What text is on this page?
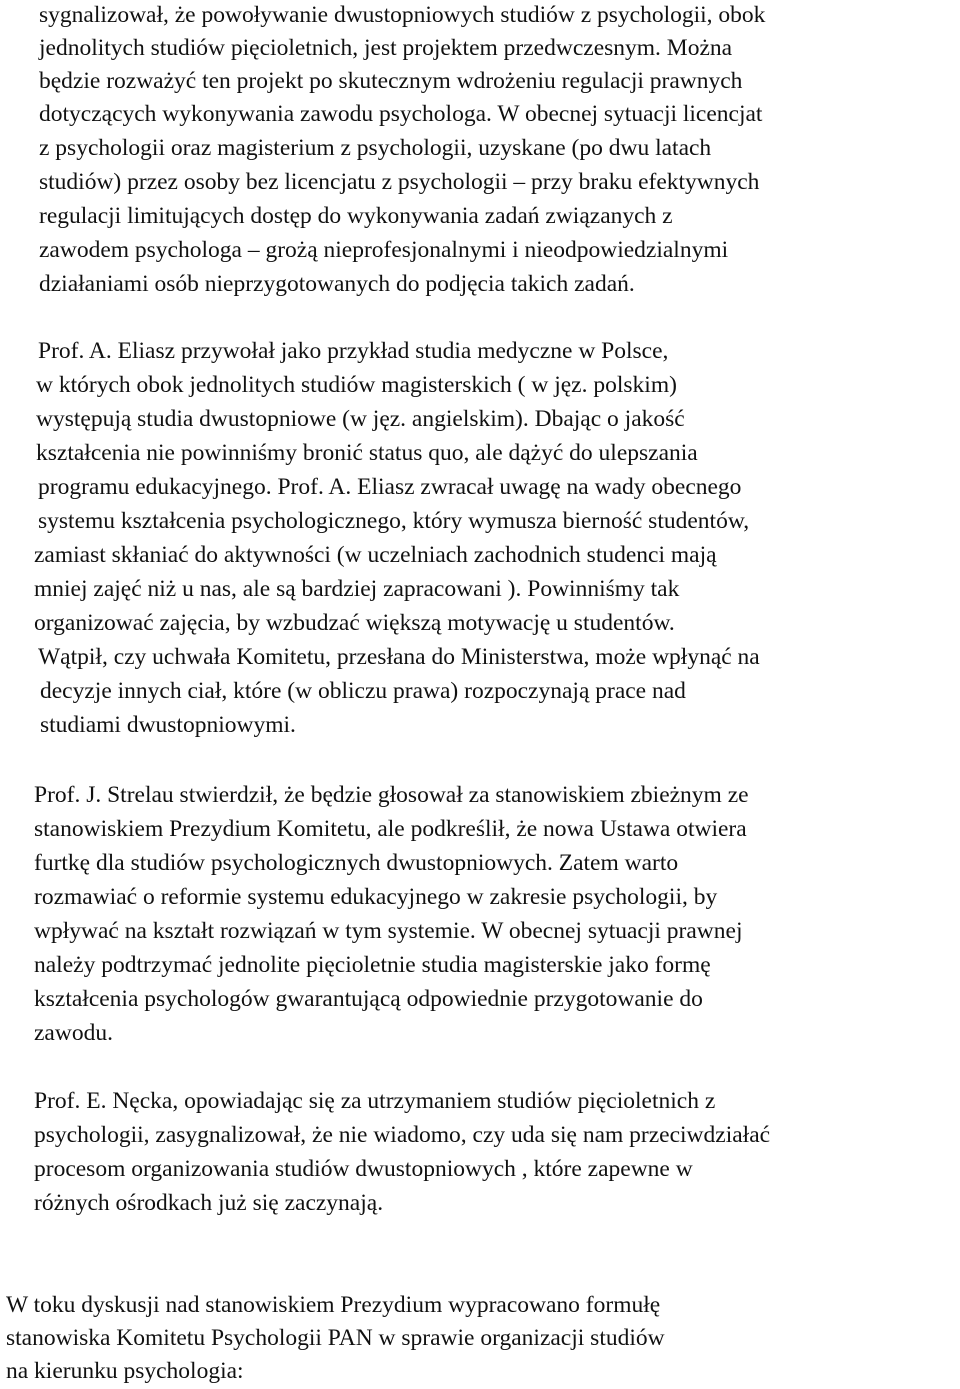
sygnalizował, że powoływanie dwustopniowych studiów z psychologii, obok
jednolitych studiów pięcioletnich, jest projektem przedwczesnym. Można
będzie rozważyć ten projekt po skutecznym wdrożeniu regulacji prawnych
dotyczących wykonywania zawodu psychologa. W obecnej sytuacji licencjat
z psychologii oraz magisterium z psychologii, uzyskane (po dwu latach
studiów) przez osoby bez licencjatu z psychologii – przy braku efektywnych
regulacji limitujących dostęp do wykonywania zadań związanych z
zawodem psychologa – grożą nieprofesjonalnymi i nieodpowiedzialnymi
działaniami osób nieprzygotowanych do podjęcia takich zadań.
Prof. A. Eliasz przywołał jako przykład studia medyczne w Polsce,
w których obok jednolitych studiów magisterskich ( w jęz. polskim)
występują studia dwustopniowe (w jęz. angielskim). Dbając o jakość
kształcenia nie powinniśmy bronić status quo, ale dążyć do ulepszania
programu edukacyjnego. Prof. A. Eliasz zwracał uwagę na wady obecnego
systemu kształcenia psychologicznego, który wymusza bierność studentów,
zamiast skłaniać do aktywności (w uczelniach zachodnich studenci mają
mniej zajęć niż u nas, ale są bardziej zapracowani ). Powinniśmy tak
organizować zajęcia, by wzbudzać większą motywację u studentów.
Wątpił, czy uchwała Komitetu, przesłana do Ministerstwa, może wpłynąć na
decyzje innych ciał, które (w obliczu prawa) rozpoczynają prace nad
studiami dwustopniowymi.
Prof. J. Strelau stwierdził, że będzie głosował za stanowiskiem zbieżnym ze
stanowiskiem Prezydium Komitetu, ale podkreślił, że nowa Ustawa otwiera
furtkę dla studiów psychologicznych dwustopniowych. Zatem warto
rozmawiać o reformie systemu edukacyjnego w zakresie psychologii, by
wpływać na kształt rozwiązań w tym systemie. W obecnej sytuacji prawnej
należy podtrzymać jednolite pięcioletnie studia magisterskie jako formę
kształcenia psychologów gwarantującą odpowiednie przygotowanie do
zawodu.
Prof. E. Nęcka, opowiadając się za utrzymaniem studiów pięcioletnich z
psychologii, zasygnalizował, że nie wiadomo, czy uda się nam przeciwdziałać
procesom organizowania studiów dwustopniowych , które zapewne w
różnych ośrodkach już się zaczynają.
W toku dyskusji nad stanowiskiem Prezydium wypracowano formułę
stanowiska Komitetu Psychologii PAN w sprawie organizacji studiów
na kierunku psychologia:
